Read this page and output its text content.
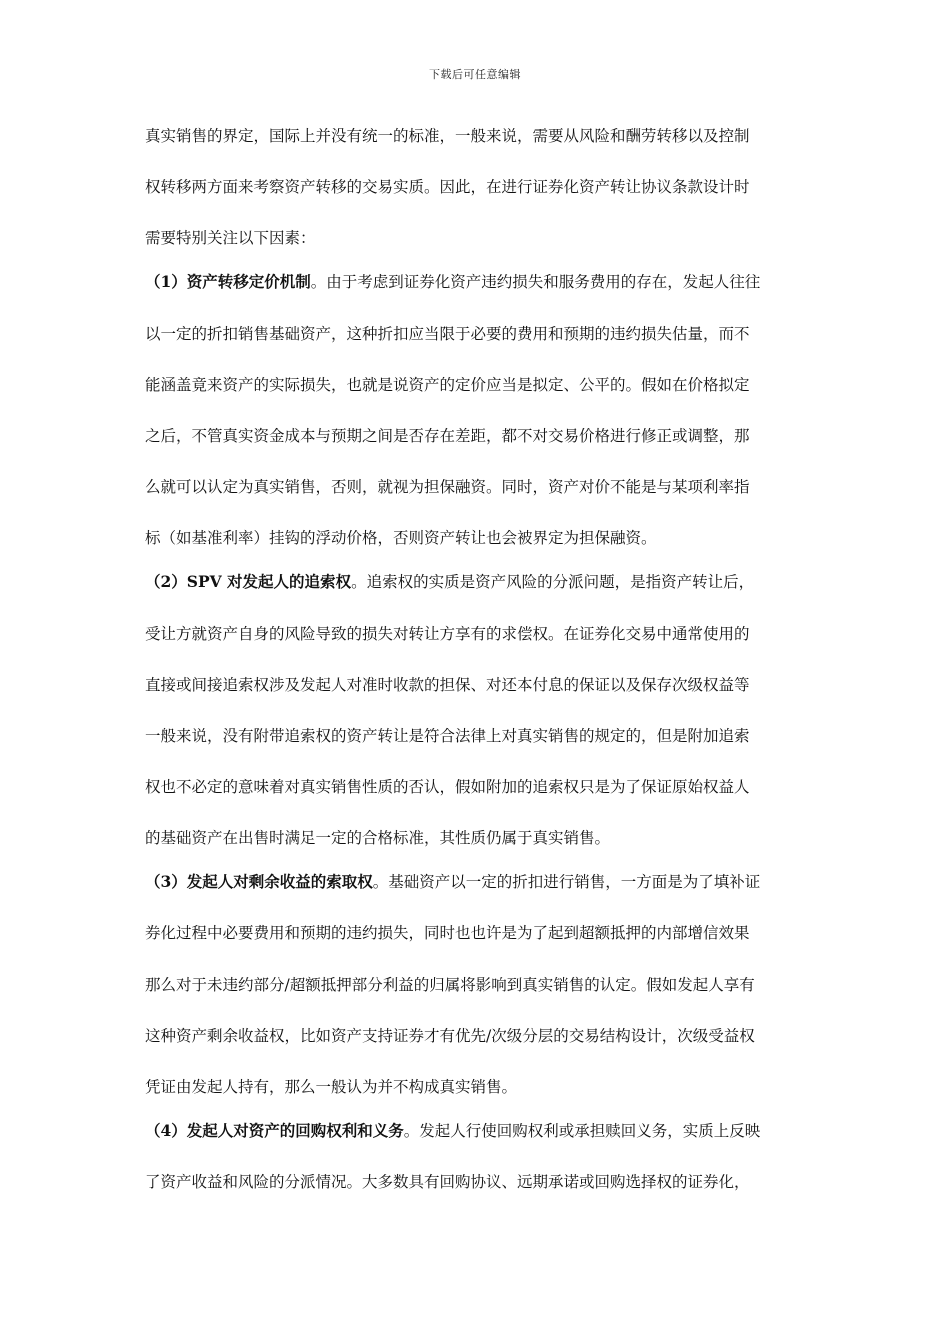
下载后可任意编辑
真实销售的界定，国际上并没有统一的标准，一般来说，需要从风险和酬劳转移以及控制
权转移两方面来考察资产转移的交易实质。因此，在进行证券化资产转让协议条款设计时
需要特别关注以下因素：
（1）资产转移定价机制。由于考虑到证券化资产违约损失和服务费用的存在，发起人往往
以一定的折扣销售基础资产，这种折扣应当限于必要的费用和预期的违约损失估量，而不
能涵盖竟来资产的实际损失，也就是说资产的定价应当是拟定、公平的。假如在价格拟定
之后，不管真实资金成本与预期之间是否存在差距，都不对交易价格进行修正或调整，那
么就可以认定为真实销售，否则，就视为担保融资。同时，资产对价不能是与某项利率指
标（如基准利率）挂钩的浮动价格，否则资产转让也会被界定为担保融资。
（2）SPV 对发起人的追索权。追索权的实质是资产风险的分派问题，是指资产转让后，
受让方就资产自身的风险导致的损失对转让方享有的求偿权。在证券化交易中通常使用的
直接或间接追索权涉及发起人对准时收款的担保、对还本付息的保证以及保存次级权益等
一般来说，没有附带追索权的资产转让是符合法律上对真实销售的规定的，但是附加追索
权也不必定的意味着对真实销售性质的否认，假如附加的追索权只是为了保证原始权益人
的基础资产在出售时满足一定的合格标准，其性质仍属于真实销售。
（3）发起人对剩余收益的索取权。基础资产以一定的折扣进行销售，一方面是为了填补证
券化过程中必要费用和预期的违约损失，同时也也许是为了起到超额抵押的内部增信效果
那么对于未违约部分/超额抵押部分利益的归属将影响到真实销售的认定。假如发起人享有
这种资产剩余收益权，比如资产支持证券才有优先/次级分层的交易结构设计，次级受益权
凭证由发起人持有，那么一般认为并不构成真实销售。
（4）发起人对资产的回购权利和义务。发起人行使回购权利或承担赎回义务，实质上反映
了资产收益和风险的分派情况。大多数具有回购协议、远期承诺或回购选择权的证券化，
